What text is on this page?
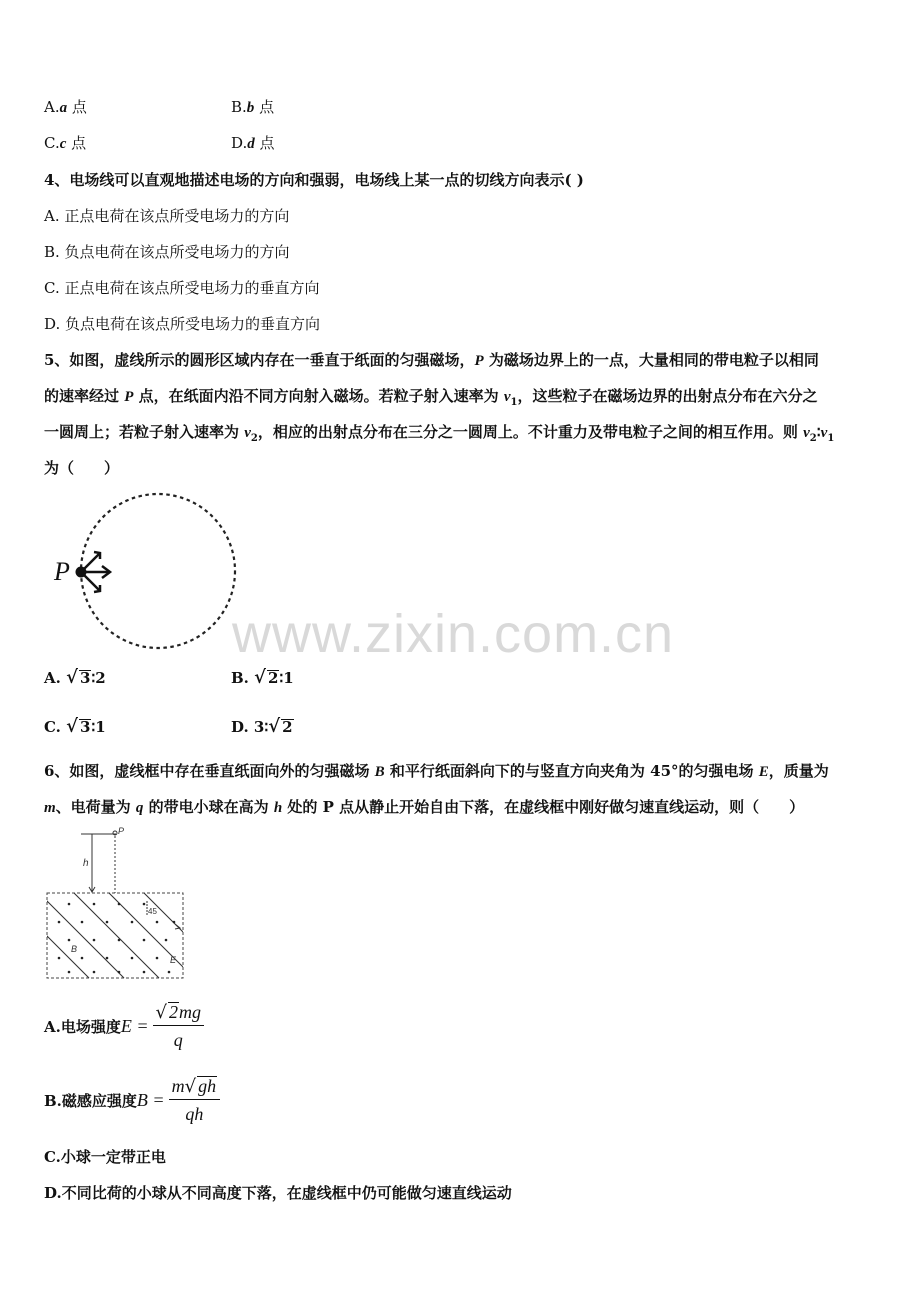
A.a 点	B.b 点
C.c 点	D.d 点
4、电场线可以直观地描述电场的方向和强弱，电场线上某一点的切线方向表示( )
A. 正点电荷在该点所受电场力的方向
B. 负点电荷在该点所受电场力的方向
C. 正点电荷在该点所受电场力的垂直方向
D. 负点电荷在该点所受电场力的垂直方向
5、如图，虚线所示的圆形区域内存在一垂直于纸面的匀强磁场，P 为磁场边界上的一点，大量相同的带电粒子以相同
的速率经过 P 点，在纸面内沿不同方向射入磁场。若粒子射入速率为 $v_1$，这些粒子在磁场边界的出射点分布在六分之
一圆周上；若粒子射入速率为 $v_2$，相应的出射点分布在三分之一圆周上。不计重力及带电粒子之间的相互作用。则 $v_2∶v_1$
为（　　）
P
www.zixin.com.cn
A. √ 3∶2	B. √ 2∶1
C. √ 3∶1	D. 3∶√ 2
6、如图，虚线框中存在垂直纸面向外的匀强磁场 B 和平行纸面斜向下的与竖直方向夹角为 45°的匀强电场 E，质量为
m、电荷量为 q 的带电小球在高为 h 处的 P 点从静止开始自由下落，在虚线框中刚好做匀速直线运动，则（　　）
h
P
45
B
E
A. 电场强度 $E = \frac{√ 2mg}{q}$
B. 磁感应强度 $B = \frac{m√ gh}{qh}$
C.小球一定带正电
D.不同比荷的小球从不同高度下落，在虚线框中仍可能做匀速直线运动
